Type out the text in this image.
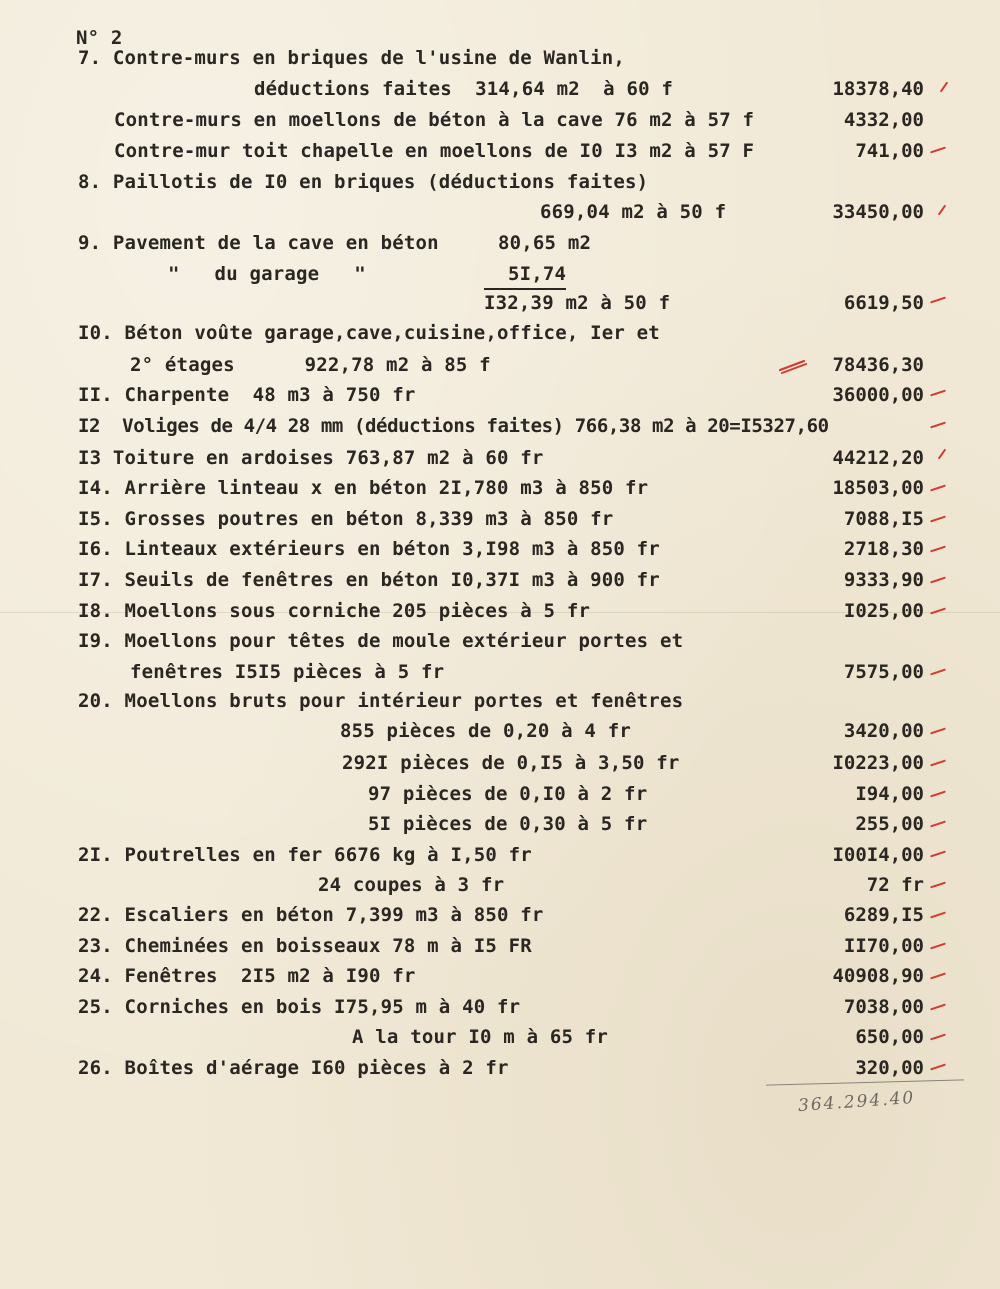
N° 2
7. Contre-murs en briques de l'usine de Wanlin,
déductions faites  314,64 m2  à 60 f	18378,40
Contre-murs en moellons de béton à la cave 76 m2 à 57 f	4332,00
Contre-mur toit chapelle en moellons de I0 I3 m2 à 57 F	741,00
8. Paillotis de I0 en briques (déductions faites)
669,04 m2 à 50 f	33450,00
9. Pavement de la cave en béton	80,65 m2
"   du garage   "	5I,74
I32,39 m2 à 50 f	6619,50
I0. Béton voûte garage,cave,cuisine,office, Ier et
2° étages      922,78 m2 à 85 f	78436,30
II. Charpente  48 m3 à 750 fr	36000,00
I2  Voliges de 4/4 28 mm (déductions faites) 766,38 m2 à 20=I5327,60
I3 Toiture en ardoises 763,87 m2 à 60 fr	44212,20
I4. Arrière linteau x en béton 2I,780 m3 à 850 fr	18503,00
I5. Grosses poutres en béton 8,339 m3 à 850 fr	7088,I5
I6. Linteaux extérieurs en béton 3,I98 m3 à 850 fr	2718,30
I7. Seuils de fenêtres en béton I0,37I m3 à 900 fr	9333,90
I8. Moellons sous corniche 205 pièces à 5 fr	I025,00
I9. Moellons pour têtes de moule extérieur portes et
fenêtres I5I5 pièces à 5 fr	7575,00
20. Moellons bruts pour intérieur portes et fenêtres
855 pièces de 0,20 à 4 fr	3420,00
292I pièces de 0,I5 à 3,50 fr	I0223,00
97 pièces de 0,I0 à 2 fr	I94,00
5I pièces de 0,30 à 5 fr	255,00
2I. Poutrelles en fer 6676 kg à I,50 fr	I00I4,00
24 coupes à 3 fr	72 fr
22. Escaliers en béton 7,399 m3 à 850 fr	6289,I5
23. Cheminées en boisseaux 78 m à I5 FR	II70,00
24. Fenêtres  2I5 m2 à I90 fr	40908,90
25. Corniches en bois I75,95 m à 40 fr	7038,00
A la tour I0 m à 65 fr	650,00
26. Boîtes d'aérage I60 pièces à 2 fr	320,00
364.294.40
